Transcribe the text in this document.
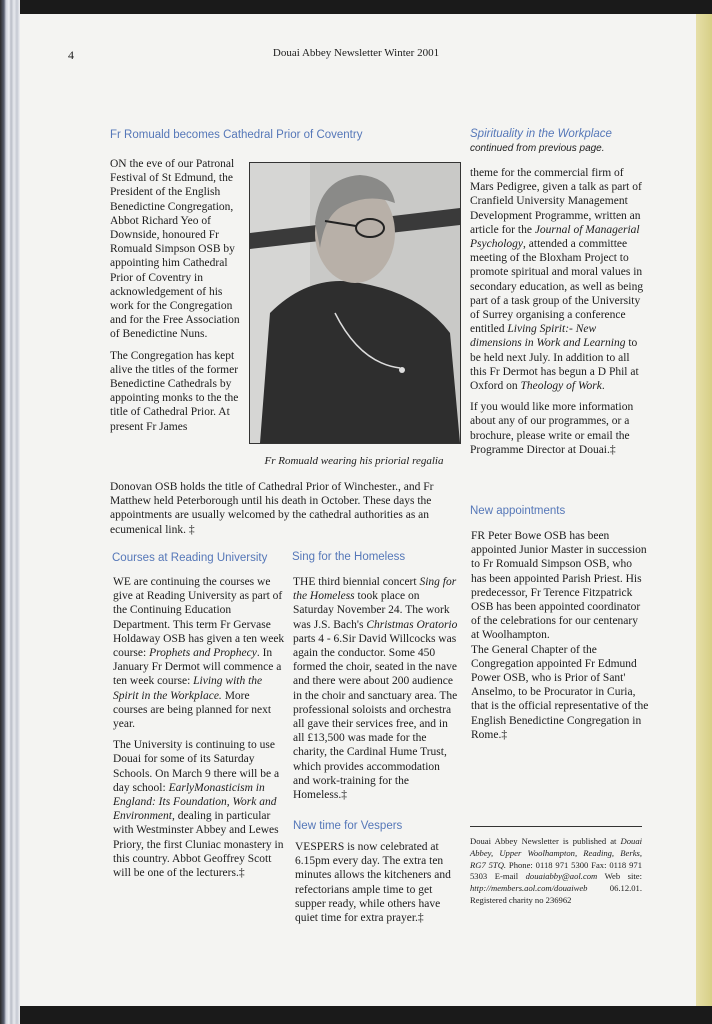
4	Douai Abbey Newsletter Winter 2001
Fr Romuald becomes Cathedral Prior of Coventry

ON the eve of our Patronal Festival of St Edmund, the President of the English Benedictine Congregation, Abbot Richard Yeo of Downside, honoured Fr Romuald Simpson OSB by appointing him Cathedral Prior of Coventry in acknowledgement of his work for the Congregation and for the Free Association of Benedictine Nuns.

The Congregation has kept alive the titles of the former Benedictine Cathedrals by appointing monks to the the title of Cathedral Prior. At present Fr James

Fr Romuald wearing his priorial regalia
Donovan OSB holds the title of Cathedral Prior of Winchester., and Fr Matthew held Peterborough until his death in October. These days the appointments are usually welcomed by the cathedral authorities as an ecumenical link. ‡
Courses at Reading University

WE are continuing the courses we give at Reading University as part of the Continuing Education Department. This term Fr Gervase Holdaway OSB has given a ten week course: Prophets and Prophecy. In January Fr Dermot will commence a ten week course: Living with the Spirit in the Workplace. More courses are being planned for next year.

The University is continuing to use Douai for some of its Saturday Schools. On March 9 there will be a day school: EarlyMonasticism in England: Its Foundation, Work and Environment, dealing in particular with Westminster Abbey and Lewes Priory, the first Cluniac monastery in this country. Abbot Geoffrey Scott will be one of the lecturers.‡

Sing for the Homeless

THE third biennial concert Sing for the Homeless took place on Saturday November 24. The work was J.S. Bach's Christmas Oratorio parts 4 - 6.Sir David Willcocks was again the conductor. Some 450 formed the choir, seated in the nave and there were about 200 audience in the choir and sanctuary area. The professional soloists and orchestra all gave their services free, and in all £13,500 was made for the charity, the Cardinal Hume Trust, which provides accommodation and work-training for the Homeless.‡

New time for Vespers
VESPERS is now celebrated at 6.15pm every day. The extra ten minutes allows the kitcheners and refectorians ample time to get supper ready, while others have quiet time for extra prayer.‡
Spirituality in the Workplace
continued from previous page.

theme for the commercial firm of Mars Pedigree, given a talk as part of Cranfield University Management Development Programme, written an article for the Journal of Managerial Psychology, attended a committee meeting of the Bloxham Project to promote spiritual and moral values in secondary education, as well as being part of a task group of the University of Surrey organising a conference entitled Living Spirit:- New dimensions in Work and Learning to be held next July. In addition to all this Fr Dermot has begun a D Phil at Oxford on Theology of Work.

If you would like more information about any of our programmes, or a brochure, please write or email the Programme Director at Douai.‡

New appointments

FR Peter Bowe OSB has been appointed Junior Master in succession to Fr Romuald Simpson OSB, who has been appointed Parish Priest. His predecessor, Fr Terence Fitzpatrick OSB has been appointed coordinator of the celebrations for our centenary at Woolhampton.

The General Chapter of the Congregation appointed Fr Edmund Power OSB, who is Prior of Sant' Anselmo, to be Procurator in Curia, that is the official representative of the English Benedictine Congregation in Rome.‡

Douai Abbey Newsletter is published at Douai Abbey, Upper Woolhampton, Reading, Berks, RG7 5TQ. Phone: 0118 971 5300 Fax: 0118 971 5303 E-mail douaiabby@aol.com Web site: http://members.aol.com/douaiweb 06.12.01. Registered charity no 236962
